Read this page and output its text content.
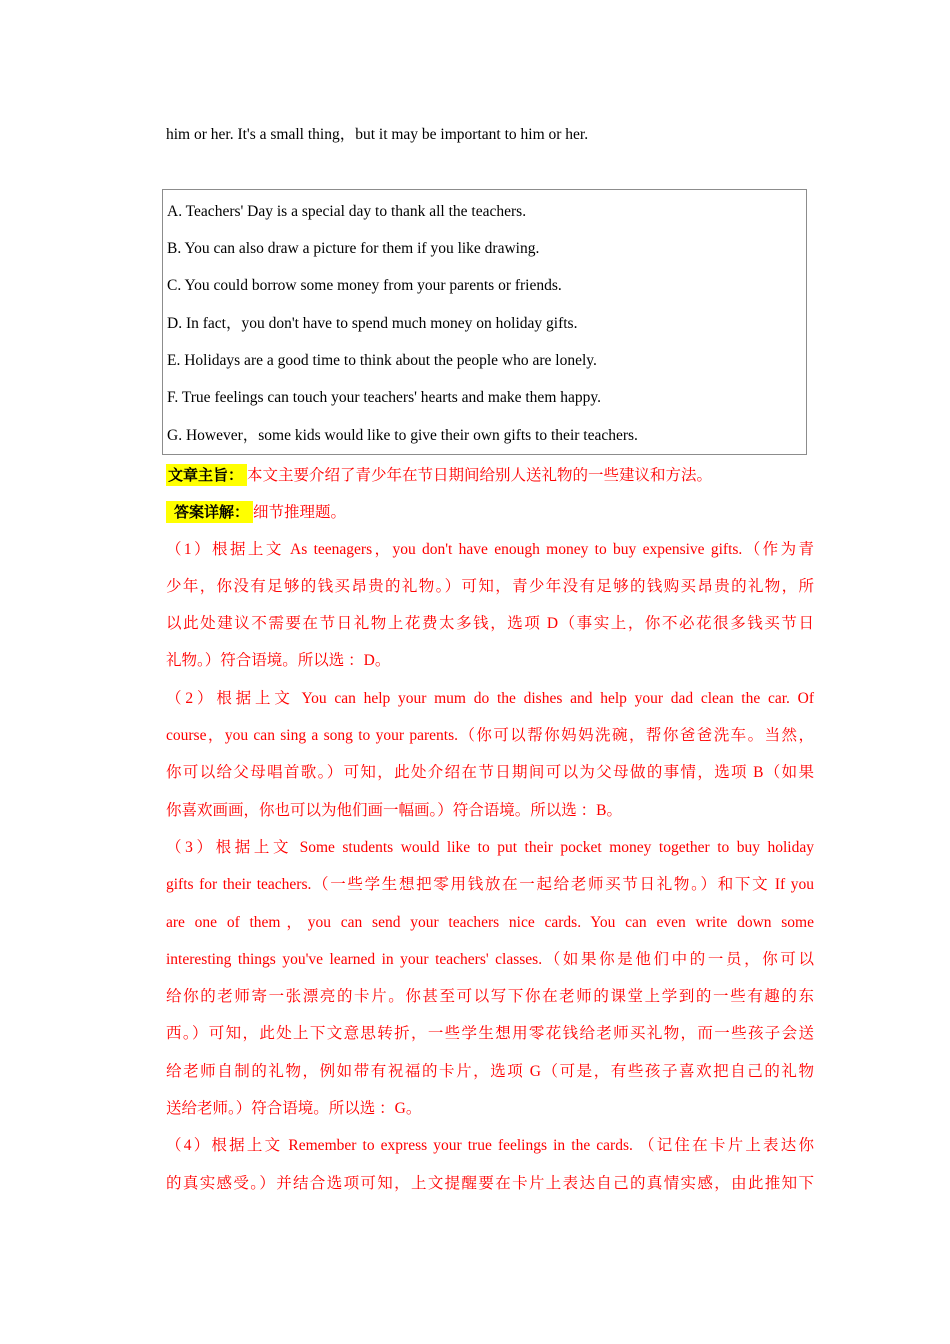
him or her. It's a small thing，but it may be important to him or her.
A. Teachers' Day is a special day to thank all the teachers.
B. You can also draw a picture for them if you like drawing.
C. You could borrow some money from your parents or friends.
D. In fact，you don't have to spend much money on holiday gifts.
E. Holidays are a good time to think about the people who are lonely.
F. True feelings can touch your teachers' hearts and make them happy.
G. However，some kids would like to give their own gifts to their teachers.
文章主旨： 本文主要介绍了青少年在节日期间给别人送礼物的一些建议和方法。
答案详解： 细节推理题。
（1）根据上文 As teenagers，you don't have enough money to buy expensive gifts.（作为青
少年，你没有足够的钱买昂贵的礼物。）可知，青少年没有足够的钱购买昂贵的礼物，所
以此处建议不需要在节日礼物上花费太多钱，选项 D（事实上，你不必花很多钱买节日
礼物。）符合语境。所以选 ：D。
（2）根据上文 You can help your mum do the dishes and help your dad clean the car. Of
course，you can sing a song to your parents.（你可以帮你妈妈洗碗，帮你爸爸洗车。当然，
你可以给父母唱首歌。）可知，此处介绍在节日期间可以为父母做的事情，选项 B（如果
你喜欢画画，你也可以为他们画一幅画。）符合语境。所以选 ：B。
（3）根据上文 Some students would like to put their pocket money together to buy holiday
gifts for their teachers.（一些学生想把零用钱放在一起给老师买节日礼物。）和下文 If you
are one of them，you can send your teachers nice cards. You can even write down some
interesting things you've learned in your teachers' classes.（如果你是他们中的一员，你可以
给你的老师寄一张漂亮的卡片。你甚至可以写下你在老师的课堂上学到的一些有趣的东
西。）可知，此处上下文意思转折，一些学生想用零花钱给老师买礼物，而一些孩子会送
给老师自制的礼物，例如带有祝福的卡片，选项 G（可是，有些孩子喜欢把自己的礼物
送给老师。）符合语境。所以选 ：G。
（4）根据上文 Remember to express your true feelings in the cards. （记住在卡片上表达你
的真实感受。）并结合选项可知，上文提醒要在卡片上表达自己的真情实感，由此推知下
